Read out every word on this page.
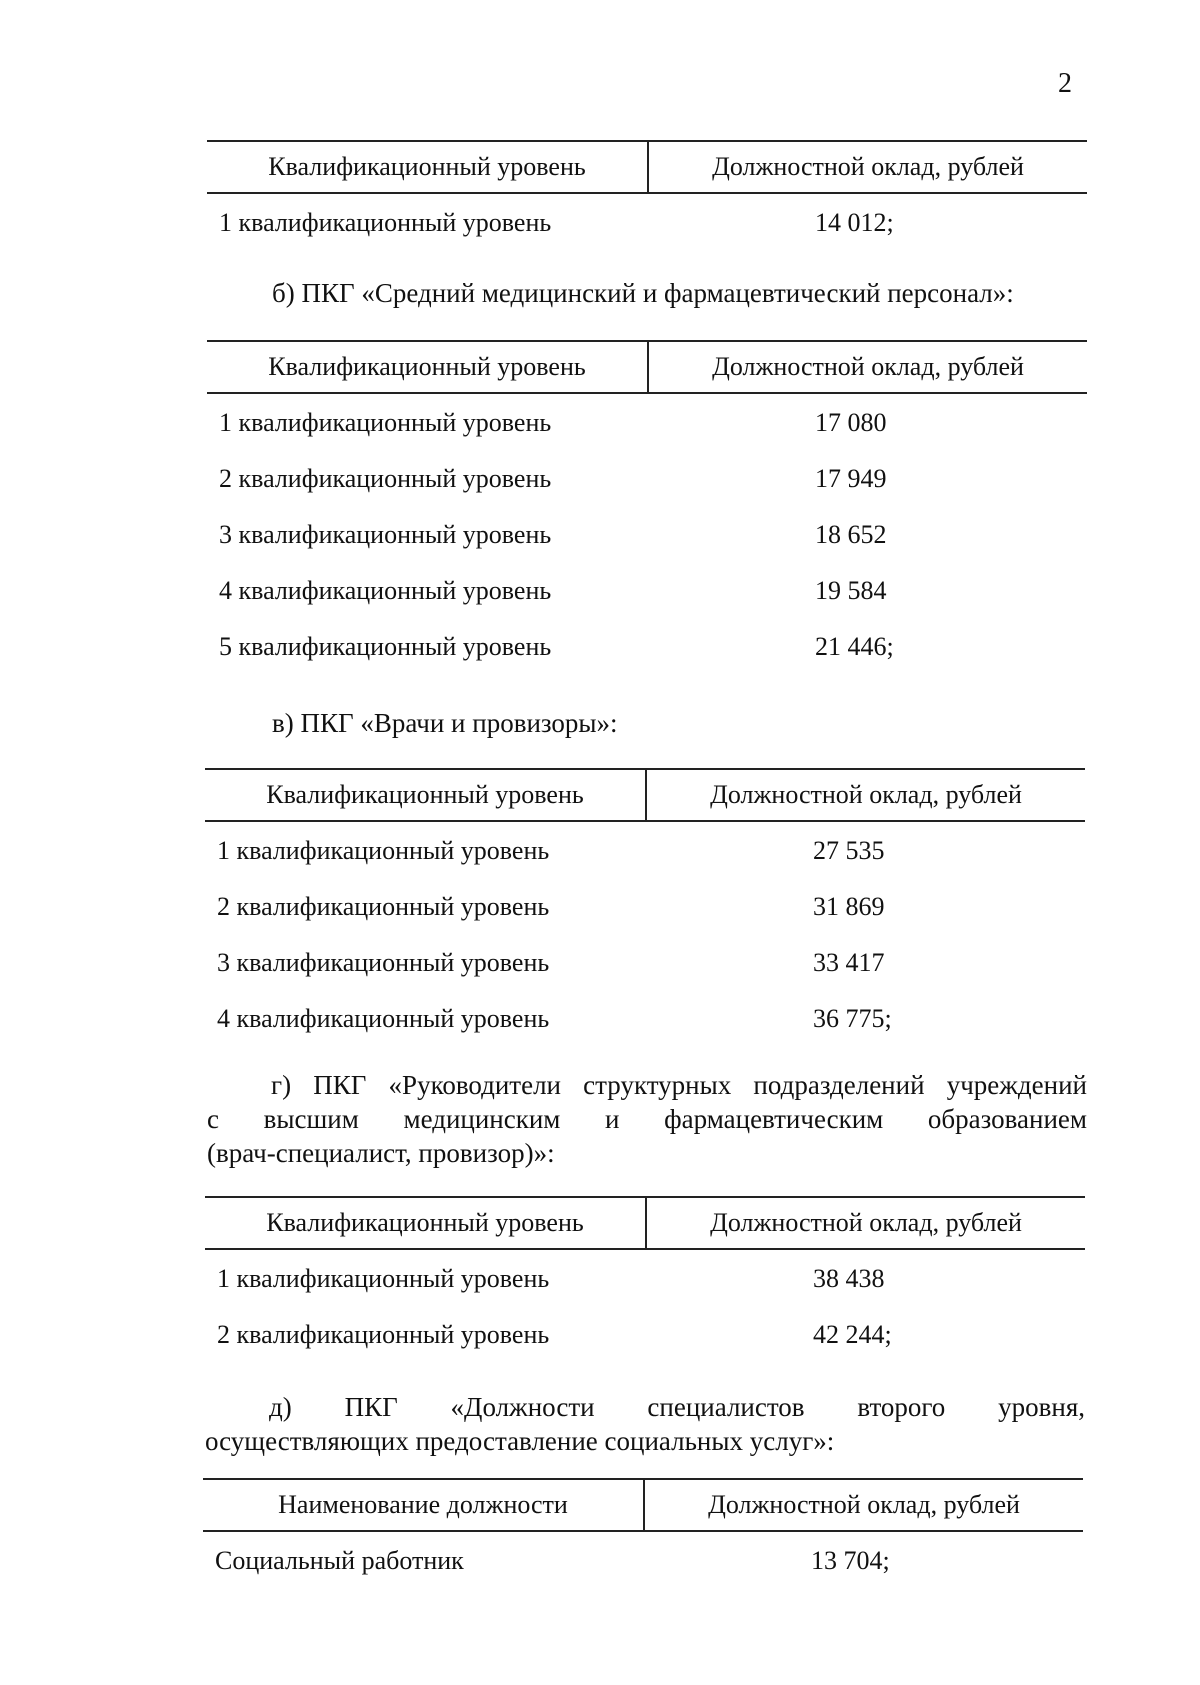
2
Квалификационный уровень	Должностной оклад, рублей
1 квалификационный уровень	14 012;
б) ПКГ «Средний медицинский и фармацевтический персонал»:
Квалификационный уровень	Должностной оклад, рублей
1 квалификационный уровень	17 080
2 квалификационный уровень	17 949
3 квалификационный уровень	18 652
4 квалификационный уровень	19 584
5 квалификационный уровень	21 446;
в) ПКГ «Врачи и провизоры»:
Квалификационный уровень	Должностной оклад, рублей
1 квалификационный уровень	27 535
2 квалификационный уровень	31 869
3 квалификационный уровень	33 417
4 квалификационный уровень	36 775;
г) ПКГ «Руководители структурных подразделений учреждений
с высшим медицинским и фармацевтическим образованием
(врач-специалист, провизор)»:
Квалификационный уровень	Должностной оклад, рублей
1 квалификационный уровень	38 438
2 квалификационный уровень	42 244;
д) ПКГ «Должности специалистов второго уровня,
осуществляющих предоставление социальных услуг»:
Наименование должности	Должностной оклад, рублей
Социальный работник	13 704;
